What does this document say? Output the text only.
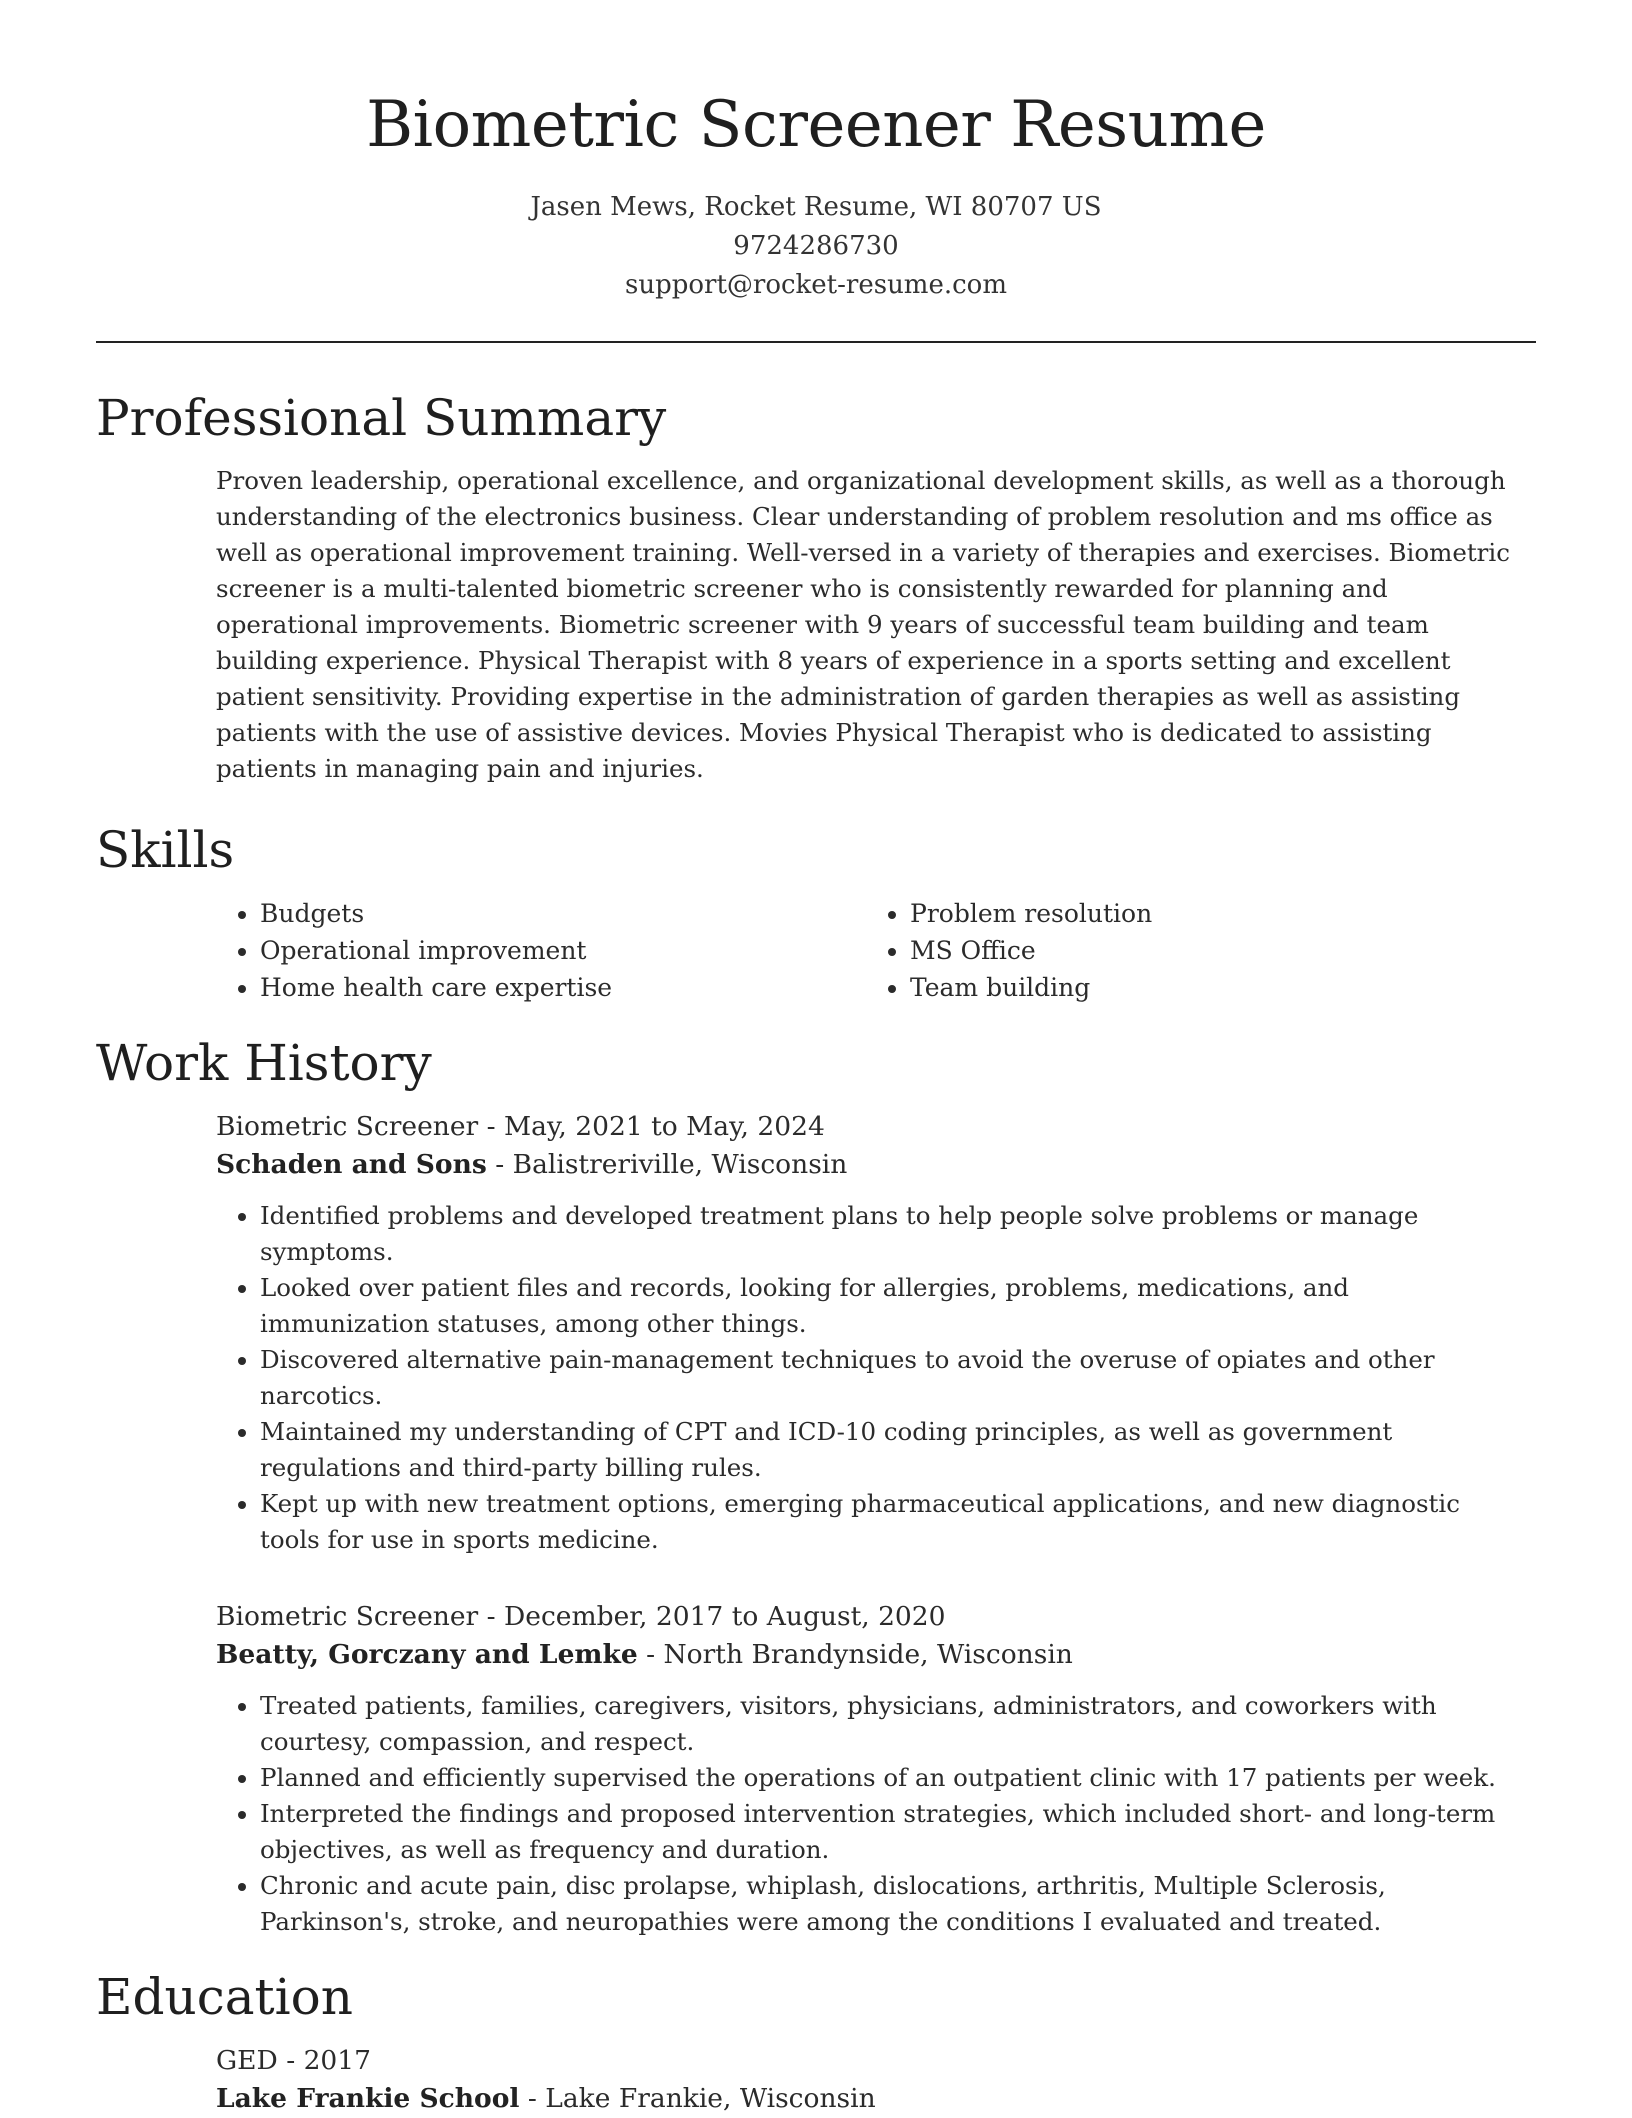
Biometric Screener Resume
Jasen Mews, Rocket Resume, WI 80707 US
9724286730
support@rocket-resume.com
Professional Summary
Proven leadership, operational excellence, and organizational development skills, as well as a thorough understanding of the electronics business. Clear understanding of problem resolution and ms office as well as operational improvement training. Well-versed in a variety of therapies and exercises. Biometric screener is a multi-talented biometric screener who is consistently rewarded for planning and operational improvements. Biometric screener with 9 years of successful team building and team building experience. Physical Therapist with 8 years of experience in a sports setting and excellent patient sensitivity. Providing expertise in the administration of garden therapies as well as assisting patients with the use of assistive devices. Movies Physical Therapist who is dedicated to assisting patients in managing pain and injuries.
Skills
• Budgets
• Operational improvement
• Home health care expertise
• Problem resolution
• MS Office
• Team building
Work History
Biometric Screener - May, 2021 to May, 2024
Schaden and Sons - Balistreriville, Wisconsin
• Identified problems and developed treatment plans to help people solve problems or manage symptoms.
• Looked over patient files and records, looking for allergies, problems, medications, and immunization statuses, among other things.
• Discovered alternative pain-management techniques to avoid the overuse of opiates and other narcotics.
• Maintained my understanding of CPT and ICD-10 coding principles, as well as government regulations and third-party billing rules.
• Kept up with new treatment options, emerging pharmaceutical applications, and new diagnostic tools for use in sports medicine.
Biometric Screener - December, 2017 to August, 2020
Beatty, Gorczany and Lemke - North Brandynside, Wisconsin
• Treated patients, families, caregivers, visitors, physicians, administrators, and coworkers with courtesy, compassion, and respect.
• Planned and efficiently supervised the operations of an outpatient clinic with 17 patients per week.
• Interpreted the findings and proposed intervention strategies, which included short- and long-term objectives, as well as frequency and duration.
• Chronic and acute pain, disc prolapse, whiplash, dislocations, arthritis, Multiple Sclerosis, Parkinson's, stroke, and neuropathies were among the conditions I evaluated and treated.
Education
GED - 2017
Lake Frankie School - Lake Frankie, Wisconsin
